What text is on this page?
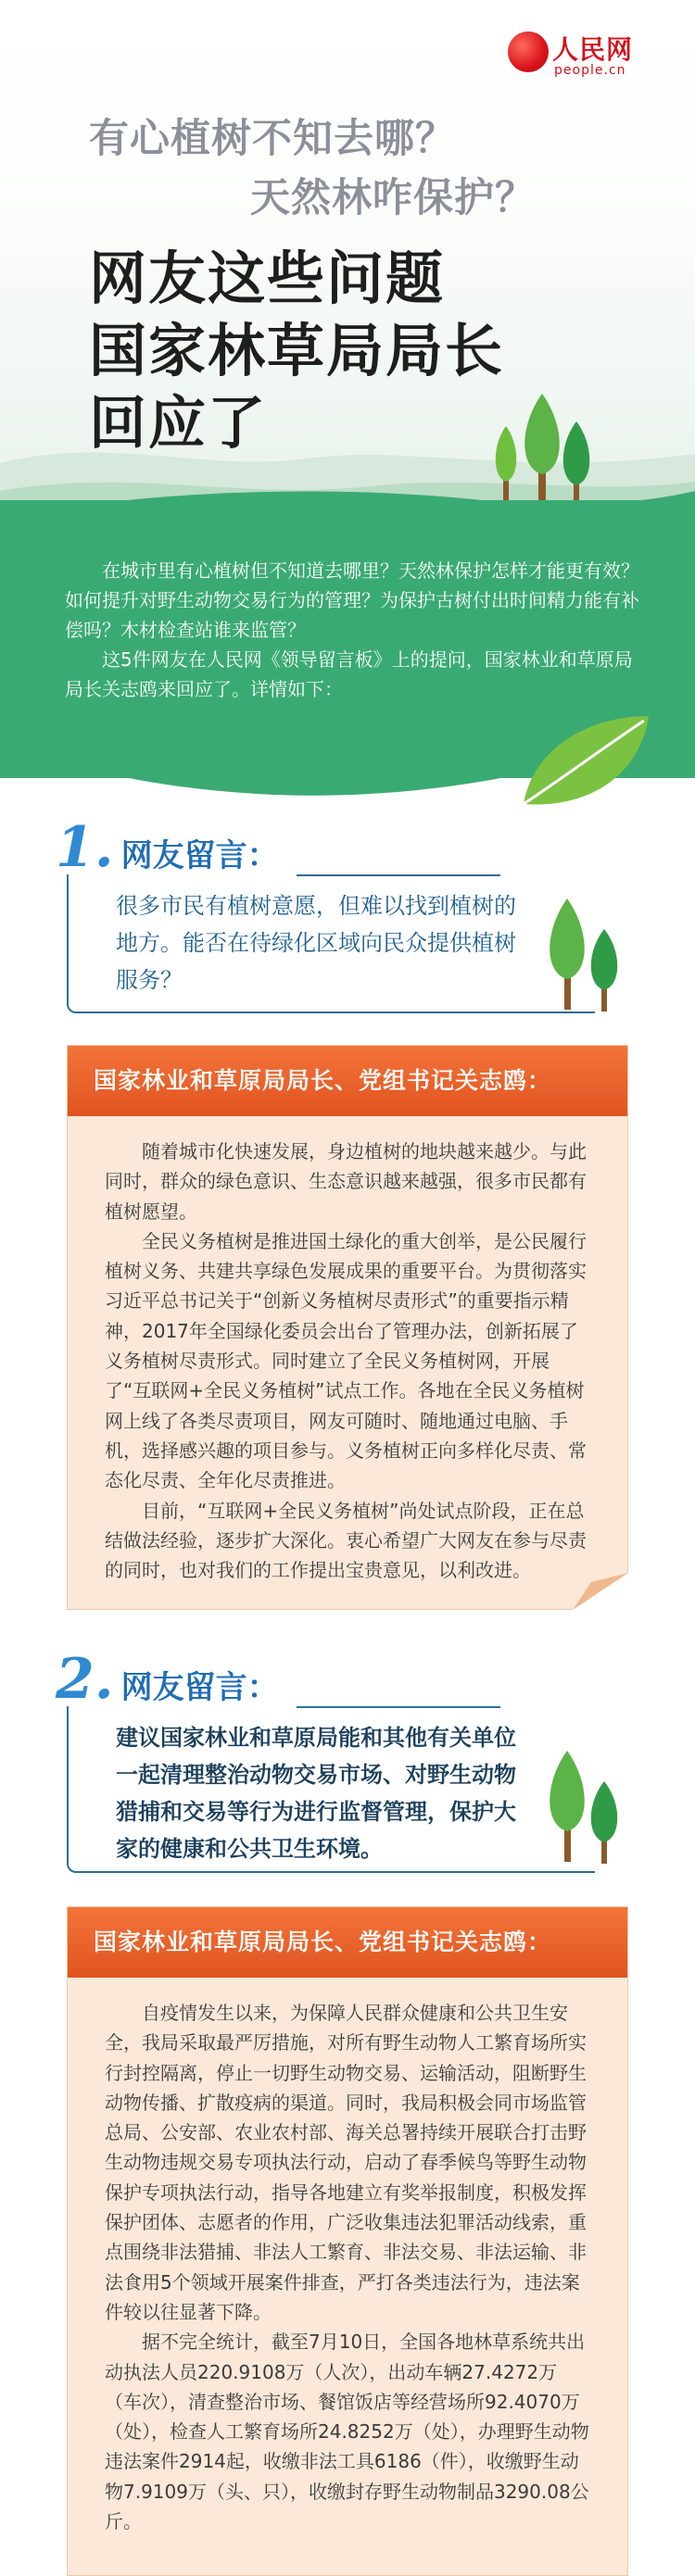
人民网
people.cn
有心植树不知去哪？
天然林咋保护？
网友这些问题
国家林草局局长
回应了

在城市里有心植树但不知道去哪里？天然林保护怎样才能更有效？如何提升对野生动物交易行为的管理？为保护古树付出时间精力能有补偿吗？木材检查站谁来监管？

这5件网友在人民网《领导留言板》上的提问，国家林业和草原局局长关志鸥来回应了。详情如下：

1. 网友留言：
很多市民有植树意愿，但难以找到植树的
地方。能否在待绿化区域向民众提供植树
服务？
国家林业和草原局局长、党组书记关志鸥：

随着城市化快速发展，身边植树的地块越来越少。与此同时，群众的绿色意识、生态意识越来越强，很多市民都有植树愿望。

全民义务植树是推进国土绿化的重大创举，是公民履行植树义务、共建共享绿色发展成果的重要平台。为贯彻落实习近平总书记关于“创新义务植树尽责形式”的重要指示精神，2017年全国绿化委员会出台了管理办法，创新拓展了义务植树尽责形式。同时建立了全民义务植树网，开展了“互联网+全民义务植树”试点工作。各地在全民义务植树网上线了各类尽责项目，网友可随时、随地通过电脑、手机，选择感兴趣的项目参与。义务植树正向多样化尽责、常态化尽责、全年化尽责推进。

目前，“互联网+全民义务植树”尚处试点阶段，正在总结做法经验，逐步扩大深化。衷心希望广大网友在参与尽责的同时，也对我们的工作提出宝贵意见，以利改进。

2. 网友留言：
建议国家林业和草原局能和其他有关单位
一起清理整治动物交易市场、对野生动物
猎捕和交易等行为进行监督管理，保护大
家的健康和公共卫生环境。
国家林业和草原局局长、党组书记关志鸥：

自疫情发生以来，为保障人民群众健康和公共卫生安全，我局采取最严厉措施，对所有野生动物人工繁育场所实行封控隔离，停止一切野生动物交易、运输活动，阻断野生动物传播、扩散疫病的渠道。同时，我局积极会同市场监管总局、公安部、农业农村部、海关总署持续开展联合打击野生动物违规交易专项执法行动，启动了春季候鸟等野生动物保护专项执法行动，指导各地建立有奖举报制度，积极发挥保护团体、志愿者的作用，广泛收集违法犯罪活动线索，重点围绕非法猎捕、非法人工繁育、非法交易、非法运输、非法食用5个领域开展案件排查，严打各类违法行为，违法案件较以往显著下降。

据不完全统计，截至7月10日，全国各地林草系统共出动执法人员220.9108万（人次），出动车辆27.4272万（车次），清查整治市场、餐馆饭店等经营场所92.4070万（处），检查人工繁育场所24.8252万（处），办理野生动物违法案件2914起，收缴非法工具6186（件），收缴野生动物7.9109万（头、只），收缴封存野生动物制品3290.08公斤。
